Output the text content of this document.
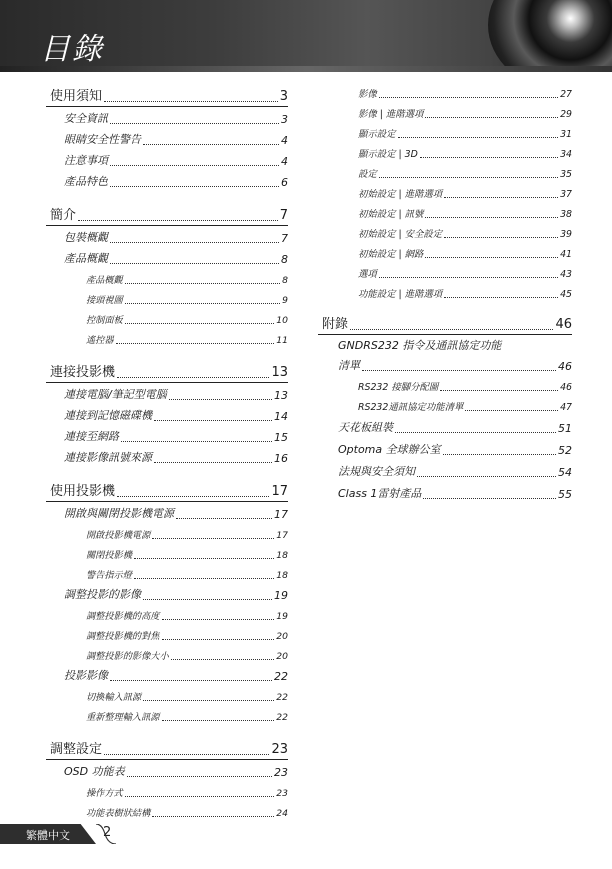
目錄
使用須知	3
安全資訊	3
眼睛安全性警告	4
注意事項	4
產品特色	6
簡介	7
包裝概觀	7
產品概觀	8
產品概觀	8
接頭視圖	9
控制面板	10
遙控器	11
連接投影機	13
連接電腦/筆記型電腦	13
連接到記憶磁碟機	14
連接至網路	15
連接影像訊號來源	16
使用投影機	17
開啟與關閉投影機電源	17
開啟投影機電源	17
關閉投影機	18
警告指示燈	18
調整投影的影像	19
調整投影機的高度	19
調整投影機的對焦	20
調整投影的影像大小	20
投影影像	22
切換輸入訊源	22
重新整理輸入訊源	22
調整設定	23
OSD 功能表	23
操作方式	23
功能表樹狀結構	24
影像	27
影像 | 進階選項	29
顯示設定	31
顯示設定 | 3D	34
設定	35
初始設定 | 進階選項	37
初始設定 | 訊號	38
初始設定 | 安全設定	39
初始設定 | 網路	41
選項	43
功能設定 | 進階選項	45
附錄	46
GNDRS232 指令及通訊協定功能
清單	46
RS232 接腳分配圖	46
RS232通訊協定功能清單	47
天花板組裝	51
Optoma 全球辦公室	52
法規與安全須知	54
Class 1雷射產品	55
繁體中文	2
